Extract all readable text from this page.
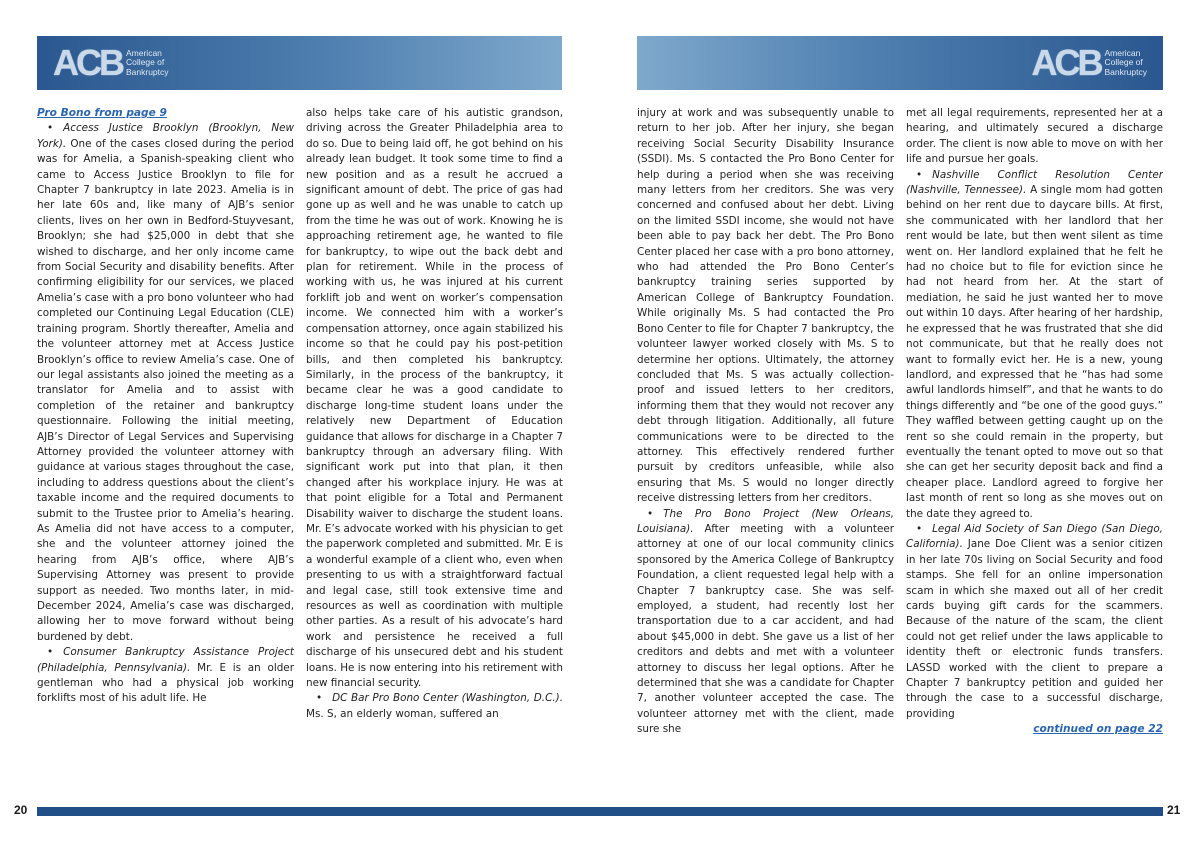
ACB American
College of
Bankruptcy

Pro Bono from page 9

• Access Justice Brooklyn (Brooklyn, New York). One of the cases closed during the period was for Amelia, a Spanish-speaking client who came to Access Justice Brooklyn to file for Chapter 7 bankruptcy in late 2023. Amelia is in her late 60s and, like many of AJB’s senior clients, lives on her own in Bedford-Stuyvesant, Brooklyn; she had $25,000 in debt that she wished to discharge, and her only income came from Social Security and disability benefits. After confirming eligibility for our services, we placed Amelia’s case with a pro bono volunteer who had completed our Continuing Legal Education (CLE) training program. Shortly thereafter, Amelia and the volunteer attorney met at Access Justice Brooklyn’s office to review Amelia’s case. One of our legal assistants also joined the meeting as a translator for Amelia and to assist with completion of the retainer and bankruptcy questionnaire. Following the initial meeting, AJB’s Director of Legal Services and Supervising Attorney provided the volunteer attorney with guidance at various stages throughout the case, including to address questions about the client’s taxable income and the required documents to submit to the Trustee prior to Amelia’s hearing. As Amelia did not have access to a computer, she and the volunteer attorney joined the hearing from AJB’s office, where AJB’s Supervising Attorney was present to provide support as needed. Two months later, in mid-December 2024, Amelia’s case was discharged, allowing her to move forward without being burdened by debt.

• Consumer Bankruptcy Assistance Project (Philadelphia, Pennsylvania). Mr. E is an older gentleman who had a physical job working forklifts most of his adult life. He

also helps take care of his autistic grandson, driving across the Greater Philadelphia area to do so. Due to being laid off, he got behind on his already lean budget. It took some time to find a new position and as a result he accrued a significant amount of debt. The price of gas had gone up as well and he was unable to catch up from the time he was out of work. Knowing he is approaching retirement age, he wanted to file for bankruptcy, to wipe out the back debt and plan for retirement. While in the process of working with us, he was injured at his current forklift job and went on worker’s compensation income. We connected him with a worker’s compensation attorney, once again stabilized his income so that he could pay his post-petition bills, and then completed his bankruptcy. Similarly, in the process of the bankruptcy, it became clear he was a good candidate to discharge long-time student loans under the relatively new Department of Education guidance that allows for discharge in a Chapter 7 bankruptcy through an adversary filing. With significant work put into that plan, it then changed after his workplace injury. He was at that point eligible for a Total and Permanent Disability waiver to discharge the student loans. Mr. E’s advocate worked with his physician to get the paperwork completed and submitted. Mr. E is a wonderful example of a client who, even when presenting to us with a straightforward factual and legal case, still took extensive time and resources as well as coordination with multiple other parties. As a result of his advocate’s hard work and persistence he received a full discharge of his unsecured debt and his student loans. He is now entering into his retirement with new financial security.

• DC Bar Pro Bono Center (Washington, D.C.). Ms. S, an elderly woman, suffered an

20
ACB American
College of
Bankruptcy

injury at work and was subsequently unable to return to her job. After her injury, she began receiving Social Security Disability Insurance (SSDI). Ms. S contacted the Pro Bono Center for help during a period when she was receiving many letters from her creditors. She was very concerned and confused about her debt. Living on the limited SSDI income, she would not have been able to pay back her debt. The Pro Bono Center placed her case with a pro bono attorney, who had attended the Pro Bono Center’s bankruptcy training series supported by American College of Bankruptcy Foundation. While originally Ms. S had contacted the Pro Bono Center to file for Chapter 7 bankruptcy, the volunteer lawyer worked closely with Ms. S to determine her options. Ultimately, the attorney concluded that Ms. S was actually collection-proof and issued letters to her creditors, informing them that they would not recover any debt through litigation. Additionally, all future communications were to be directed to the attorney. This effectively rendered further pursuit by creditors unfeasible, while also ensuring that Ms. S would no longer directly receive distressing letters from her creditors.

• The Pro Bono Project (New Orleans, Louisiana). After meeting with a volunteer attorney at one of our local community clinics sponsored by the America College of Bankruptcy Foundation, a client requested legal help with a Chapter 7 bankruptcy case. She was self-employed, a student, had recently lost her transportation due to a car accident, and had about $45,000 in debt. She gave us a list of her creditors and debts and met with a volunteer attorney to discuss her legal options. After he determined that she was a candidate for Chapter 7, another volunteer accepted the case. The volunteer attorney met with the client, made sure she

met all legal requirements, represented her at a hearing, and ultimately secured a discharge order. The client is now able to move on with her life and pursue her goals.

• Nashville Conflict Resolution Center (Nashville, Tennessee). A single mom had gotten behind on her rent due to daycare bills. At first, she communicated with her landlord that her rent would be late, but then went silent as time went on. Her landlord explained that he felt he had no choice but to file for eviction since he had not heard from her. At the start of mediation, he said he just wanted her to move out within 10 days. After hearing of her hardship, he expressed that he was frustrated that she did not communicate, but that he really does not want to formally evict her. He is a new, young landlord, and expressed that he “has had some awful landlords himself”, and that he wants to do things differently and “be one of the good guys.” They waffled between getting caught up on the rent so she could remain in the property, but eventually the tenant opted to move out so that she can get her security deposit back and find a cheaper place. Landlord agreed to forgive her last month of rent so long as she moves out on the date they agreed to.

• Legal Aid Society of San Diego (San Diego, California). Jane Doe Client was a senior citizen in her late 70s living on Social Security and food stamps. She fell for an online impersonation scam in which she maxed out all of her credit cards buying gift cards for the scammers. Because of the nature of the scam, the client could not get relief under the laws applicable to identity theft or electronic funds transfers. LASSD worked with the client to prepare a Chapter 7 bankruptcy petition and guided her through the case to a successful discharge, providing

continued on page 22

21
